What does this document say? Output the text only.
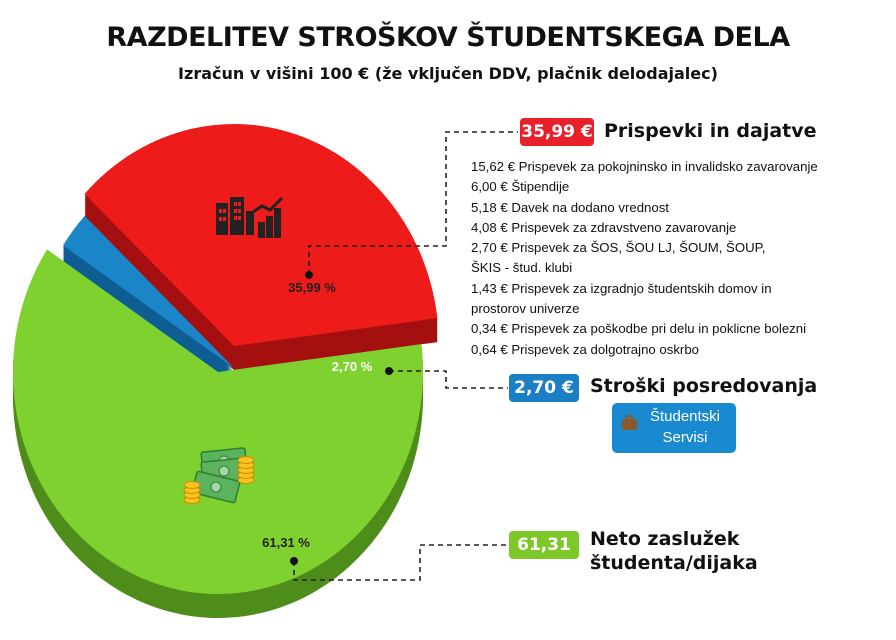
RAZDELITEV STROŠKOV ŠTUDENTSKEGA DELA
Izračun v višini 100 € (že vključen DDV, plačnik delodajalec)
35,99 %
2,70 %
61,31 %
35,99 € Prispevki in dajatve
15,62 € Prispevek za pokojninsko in invalidsko zavarovanje
6,00 € Štipendije
5,18 € Davek na dodano vrednost
4,08 € Prispevek za zdravstveno zavarovanje
2,70 € Prispevek za ŠOS, ŠOU LJ, ŠOUM, ŠOUP,
ŠKIS - štud. klubi
1,43 € Prispevek za izgradnjo študentskih domov in
prostorov univerze
0,34 € Prispevek za poškodbe pri delu in poklicne bolezni
0,64 € Prispevek za dolgotrajno oskrbo
2,70 € Stroški posredovanja
Študentski
Servisi
61,31 €
Neto zaslužek
študenta/dijaka
